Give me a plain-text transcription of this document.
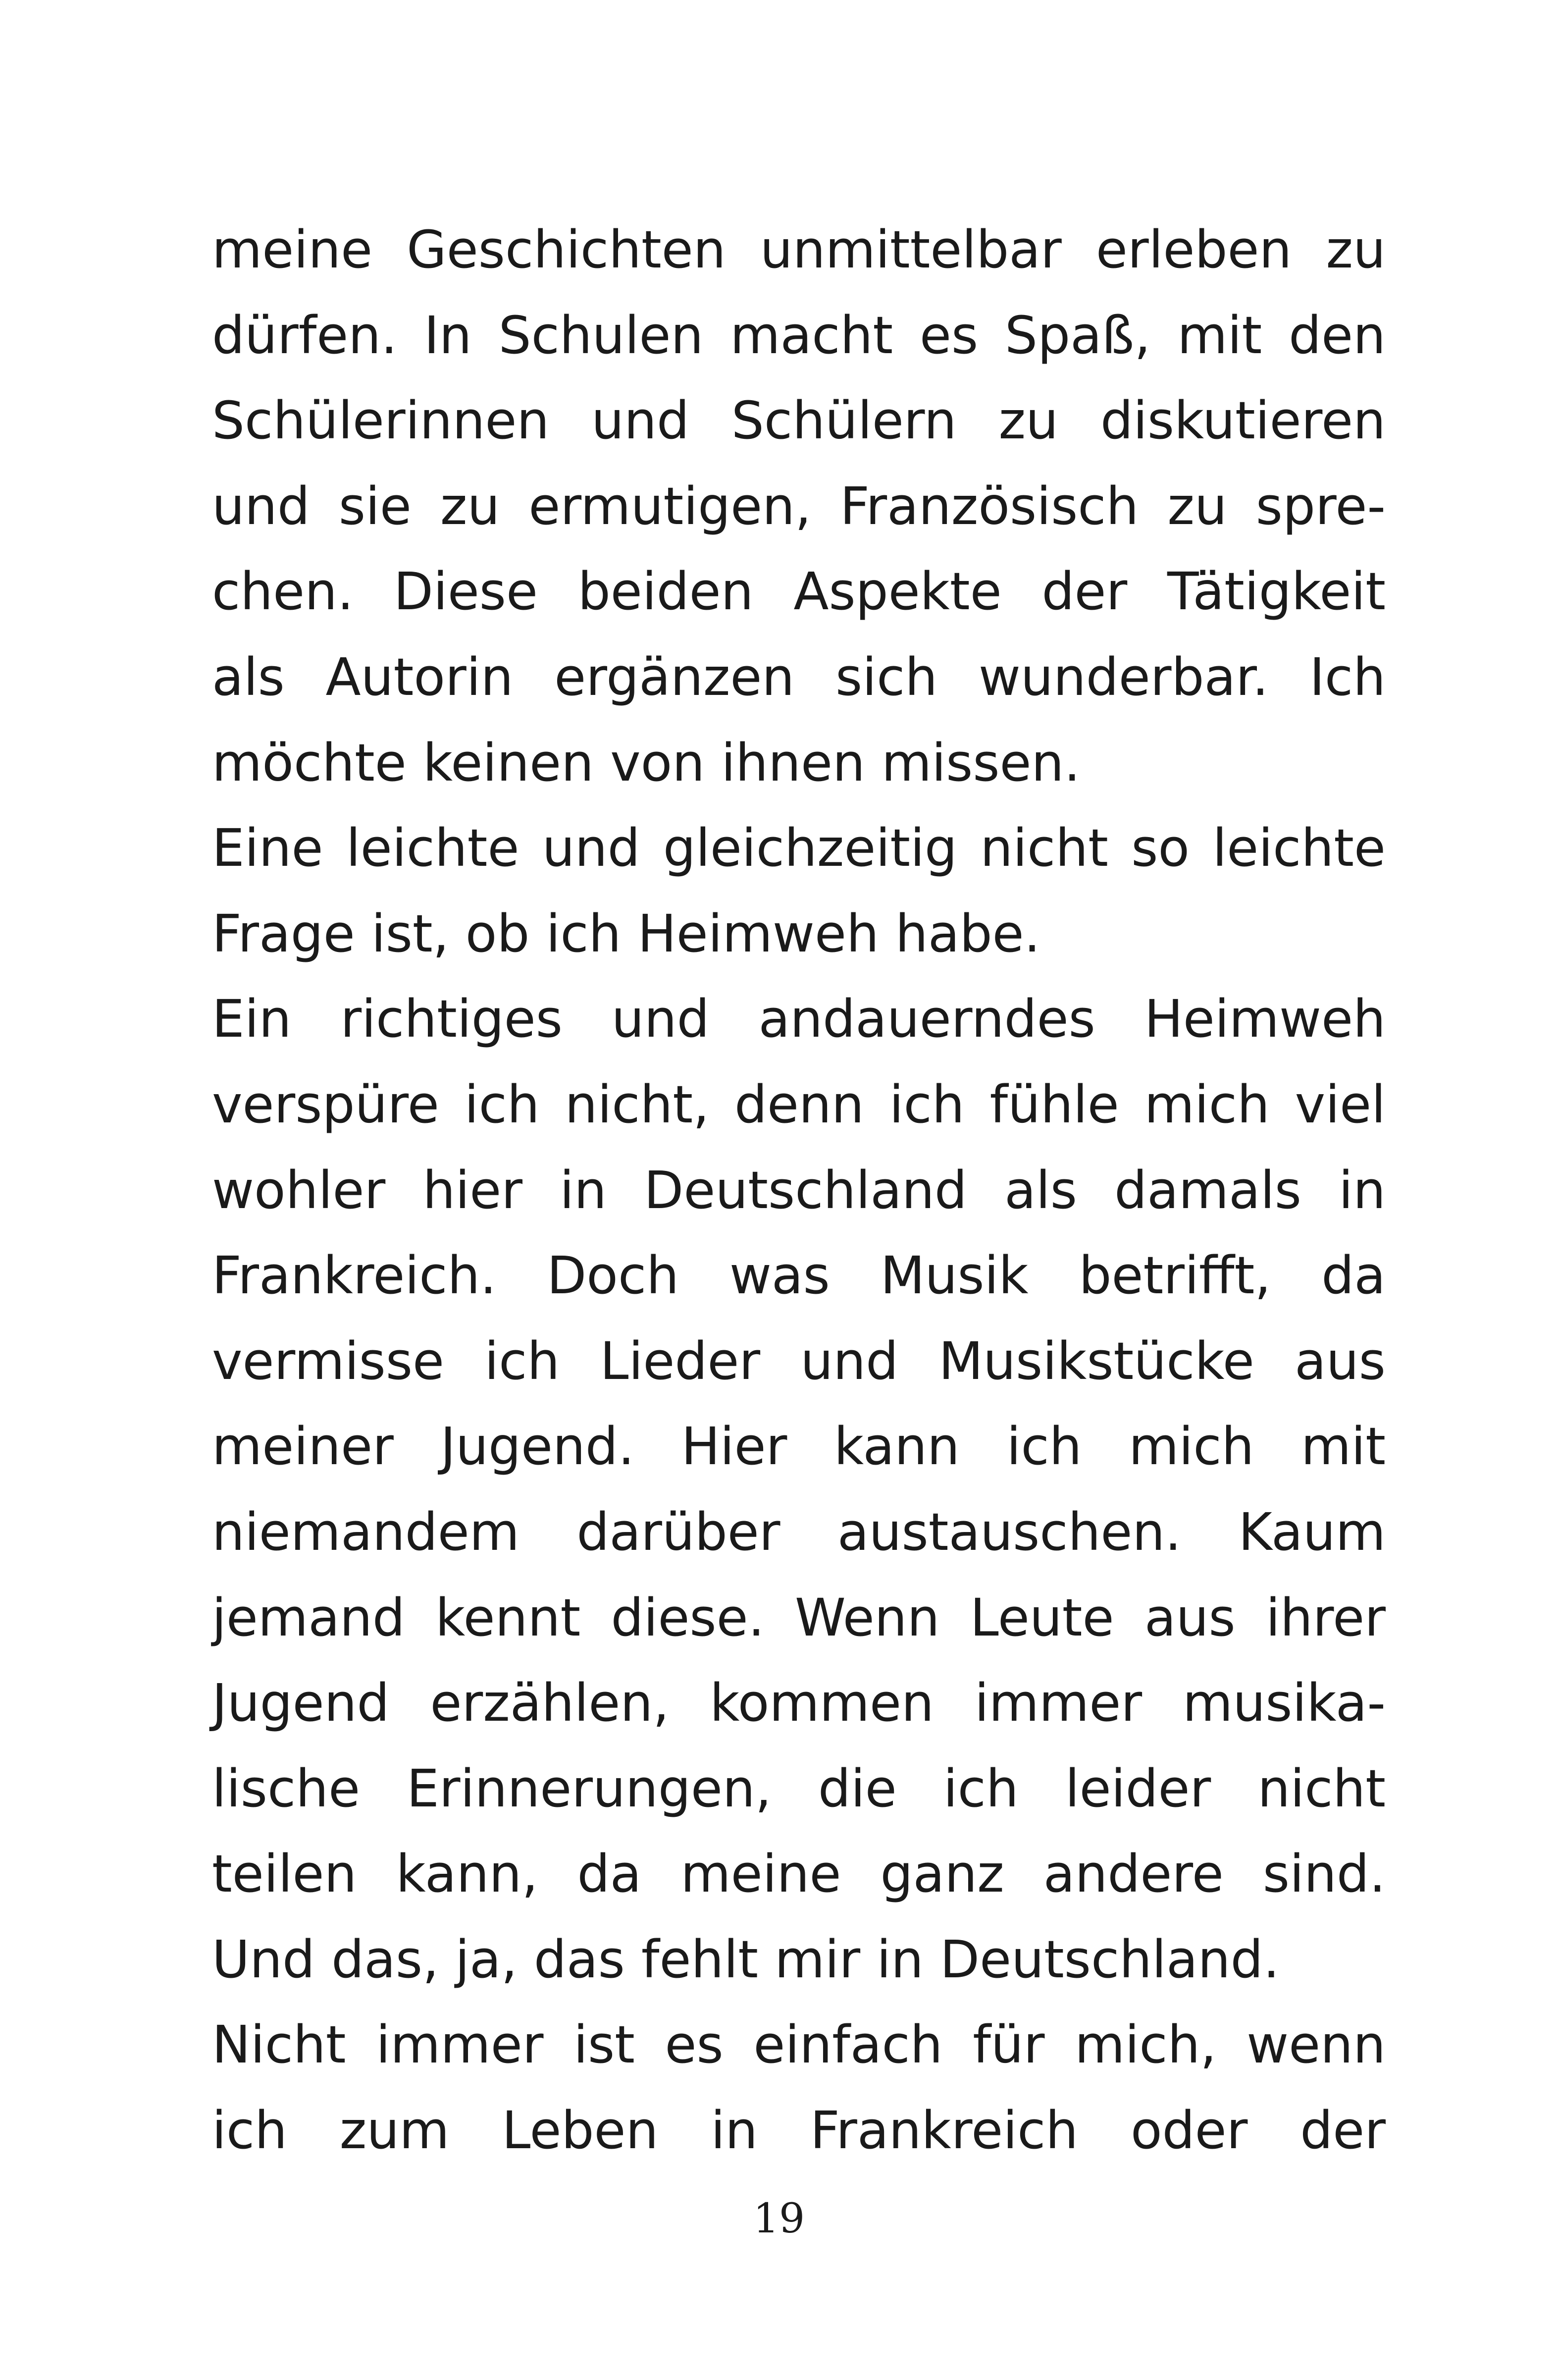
meine Geschichten unmittelbar erleben zu
dürfen. In Schulen macht es Spaß, mit den
Schülerinnen und Schülern zu diskutieren
und sie zu ermutigen, Französisch zu spre-
chen. Diese beiden Aspekte der Tätigkeit
als Autorin ergänzen sich wunderbar. Ich
möchte keinen von ihnen missen.
Eine leichte und gleichzeitig nicht so leichte
Frage ist, ob ich Heimweh habe.
Ein richtiges und andauerndes Heimweh
verspüre ich nicht, denn ich fühle mich viel
wohler hier in Deutschland als damals in
Frankreich. Doch was Musik betrifft, da
vermisse ich Lieder und Musikstücke aus
meiner Jugend. Hier kann ich mich mit
niemandem darüber austauschen. Kaum
jemand kennt diese. Wenn Leute aus ihrer
Jugend erzählen, kommen immer musika-
lische Erinnerungen, die ich leider nicht
teilen kann, da meine ganz andere sind.
Und das, ja, das fehlt mir in Deutschland.
Nicht immer ist es einfach für mich, wenn
ich zum Leben in Frankreich oder der
19
